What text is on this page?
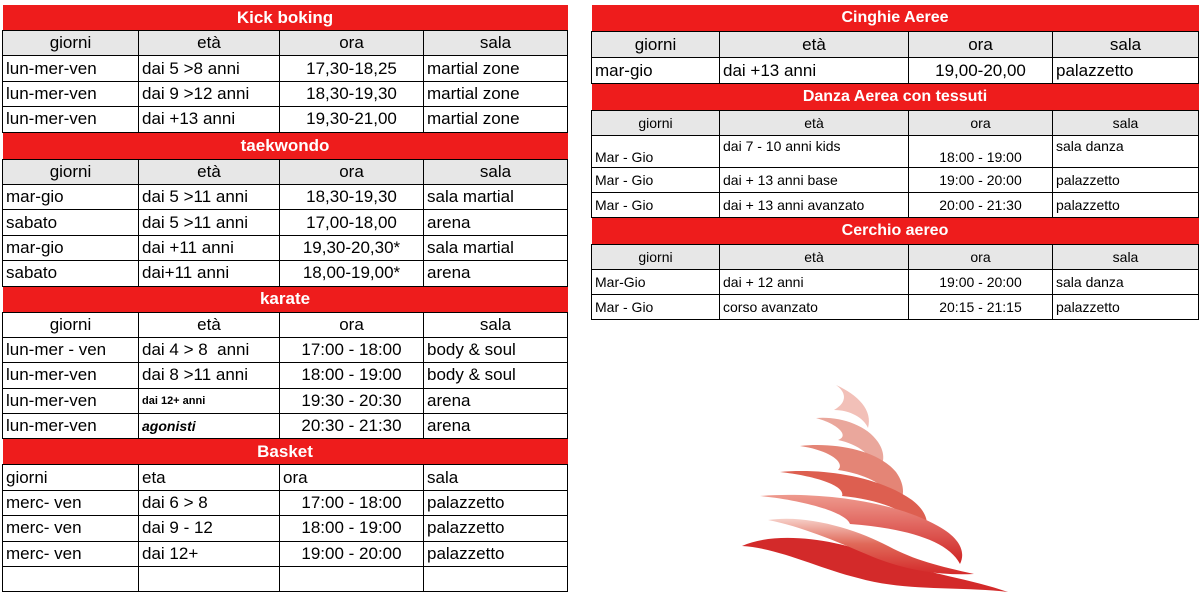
Kick boking			
giorni	età	ora	sala
lun-mer-ven	dai 5 >8 anni	17,30-18,25	martial zone
lun-mer-ven	dai 9 >12 anni	18,30-19,30	martial zone
lun-mer-ven	dai +13 anni	19,30-21,00	martial zone
taekwondo			
giorni	età	ora	sala
mar-gio	dai 5 >11 anni	18,30-19,30	sala martial
sabato	dai 5 >11 anni	17,00-18,00	arena
mar-gio	dai +11 anni	19,30-20,30*	sala martial
sabato	dai+11 anni	18,00-19,00*	arena
karate			
giorni	età	ora	sala
lun-mer - ven	dai 4 > 8  anni	17:00 - 18:00	body & soul
lun-mer-ven	dai 8 >11 anni	18:00 - 19:00	body & soul
lun-mer-ven	dai 12+ anni	19:30 - 20:30	arena
lun-mer-ven	agonisti	20:30 - 21:30	arena
Basket			
giorni	eta	ora	sala
merc- ven	dai 6 > 8	17:00 - 18:00	palazzetto
merc- ven	dai 9 - 12	18:00 - 19:00	palazzetto
merc- ven	dai 12+	19:00 - 20:00	palazzetto

Cinghie Aeree			
giorni	età	ora	sala
mar-gio	dai +13 anni	19,00-20,00	palazzetto
Danza Aerea con tessuti			
giorni	età	ora	sala
Mar - Gio	dai 7 - 10 anni kids	18:00 - 19:00	sala danza
Mar - Gio	dai + 13 anni base	19:00 - 20:00	palazzetto
Mar - Gio	dai + 13 anni avanzato	20:00 - 21:30	palazzetto
Cerchio aereo			
giorni	età	ora	sala
Mar-Gio	dai + 12 anni	19:00 - 20:00	sala danza
Mar - Gio	corso avanzato	20:15 - 21:15	palazzetto
